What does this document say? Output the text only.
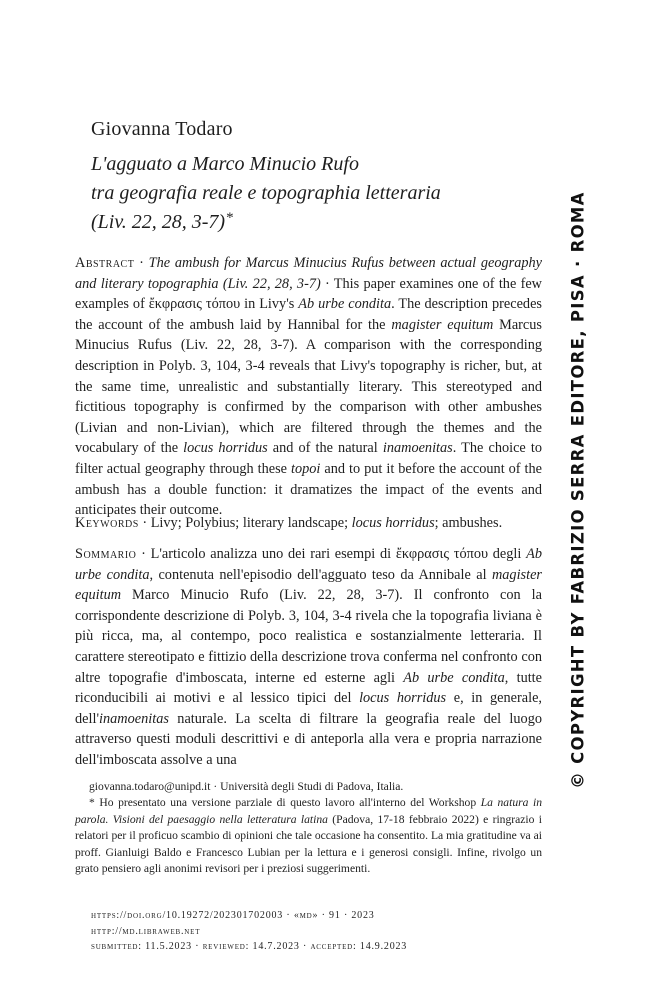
Giovanna Todaro
L'agguato a Marco Minucio Rufo
tra geografia reale e topographia letteraria
(Liv. 22, 28, 3-7)*
Abstract · The ambush for Marcus Minucius Rufus between actual geography and literary topographia (Liv. 22, 28, 3-7) · This paper examines one of the few examples of ἔκφρασις τόπου in Livy's Ab urbe condita. The description precedes the account of the ambush laid by Hannibal for the magister equitum Marcus Minucius Rufus (Liv. 22, 28, 3-7). A comparison with the corresponding description in Polyb. 3, 104, 3-4 reveals that Livy's topography is richer, but, at the same time, unrealistic and substantially literary. This stereotyped and fictitious topography is confirmed by the comparison with other ambushes (Livian and non-Livian), which are filtered through the themes and the vocabulary of the locus horridus and of the natural inamoenitas. The choice to filter actual geography through these topoi and to put it before the account of the ambush has a double function: it dramatizes the impact of the events and anticipates their outcome.
Keywords · Livy; Polybius; literary landscape; locus horridus; ambushes.
Sommario · L'articolo analizza uno dei rari esempi di ἔκφρασις τόπου degli Ab urbe condita, contenuta nell'episodio dell'agguato teso da Annibale al magister equitum Marco Minucio Rufo (Liv. 22, 28, 3-7). Il confronto con la corrispondente descrizione di Polyb. 3, 104, 3-4 rivela che la topografia liviana è più ricca, ma, al contempo, poco realistica e sostanzialmente letteraria. Il carattere stereotipato e fittizio della descrizione trova conferma nel confronto con altre topografie d'imboscata, interne ed esterne agli Ab urbe condita, tutte riconducibili ai motivi e al lessico tipici del locus horridus e, in generale, dell'inamoenitas naturale. La scelta di filtrare la geografia reale del luogo attraverso questi moduli descrittivi e di anteporla alla vera e propria narrazione dell'imboscata assolve a una

giovanna.todaro@unipd.it · Università degli Studi di Padova, Italia.

* Ho presentato una versione parziale di questo lavoro all'interno del Workshop La natura in parola. Visioni del paesaggio nella letteratura latina (Padova, 17-18 febbraio 2022) e ringrazio i relatori per il proficuo scambio di opinioni che tale occasione ha consentito. La mia gratitudine va ai proff. Gianluigi Baldo e Francesco Lubian per la lettura e i generosi consigli. Infine, rivolgo un grato pensiero agli anonimi revisori per i preziosi suggerimenti.

https://doi.org/10.19272/202301702003 · «md» · 91 · 2023
http://md.libraweb.net
submitted: 11.5.2023 · reviewed: 14.7.2023 · accepted: 14.9.2023
© COPYRIGHT BY FABRIZIO SERRA EDITORE, PISA · ROMA
